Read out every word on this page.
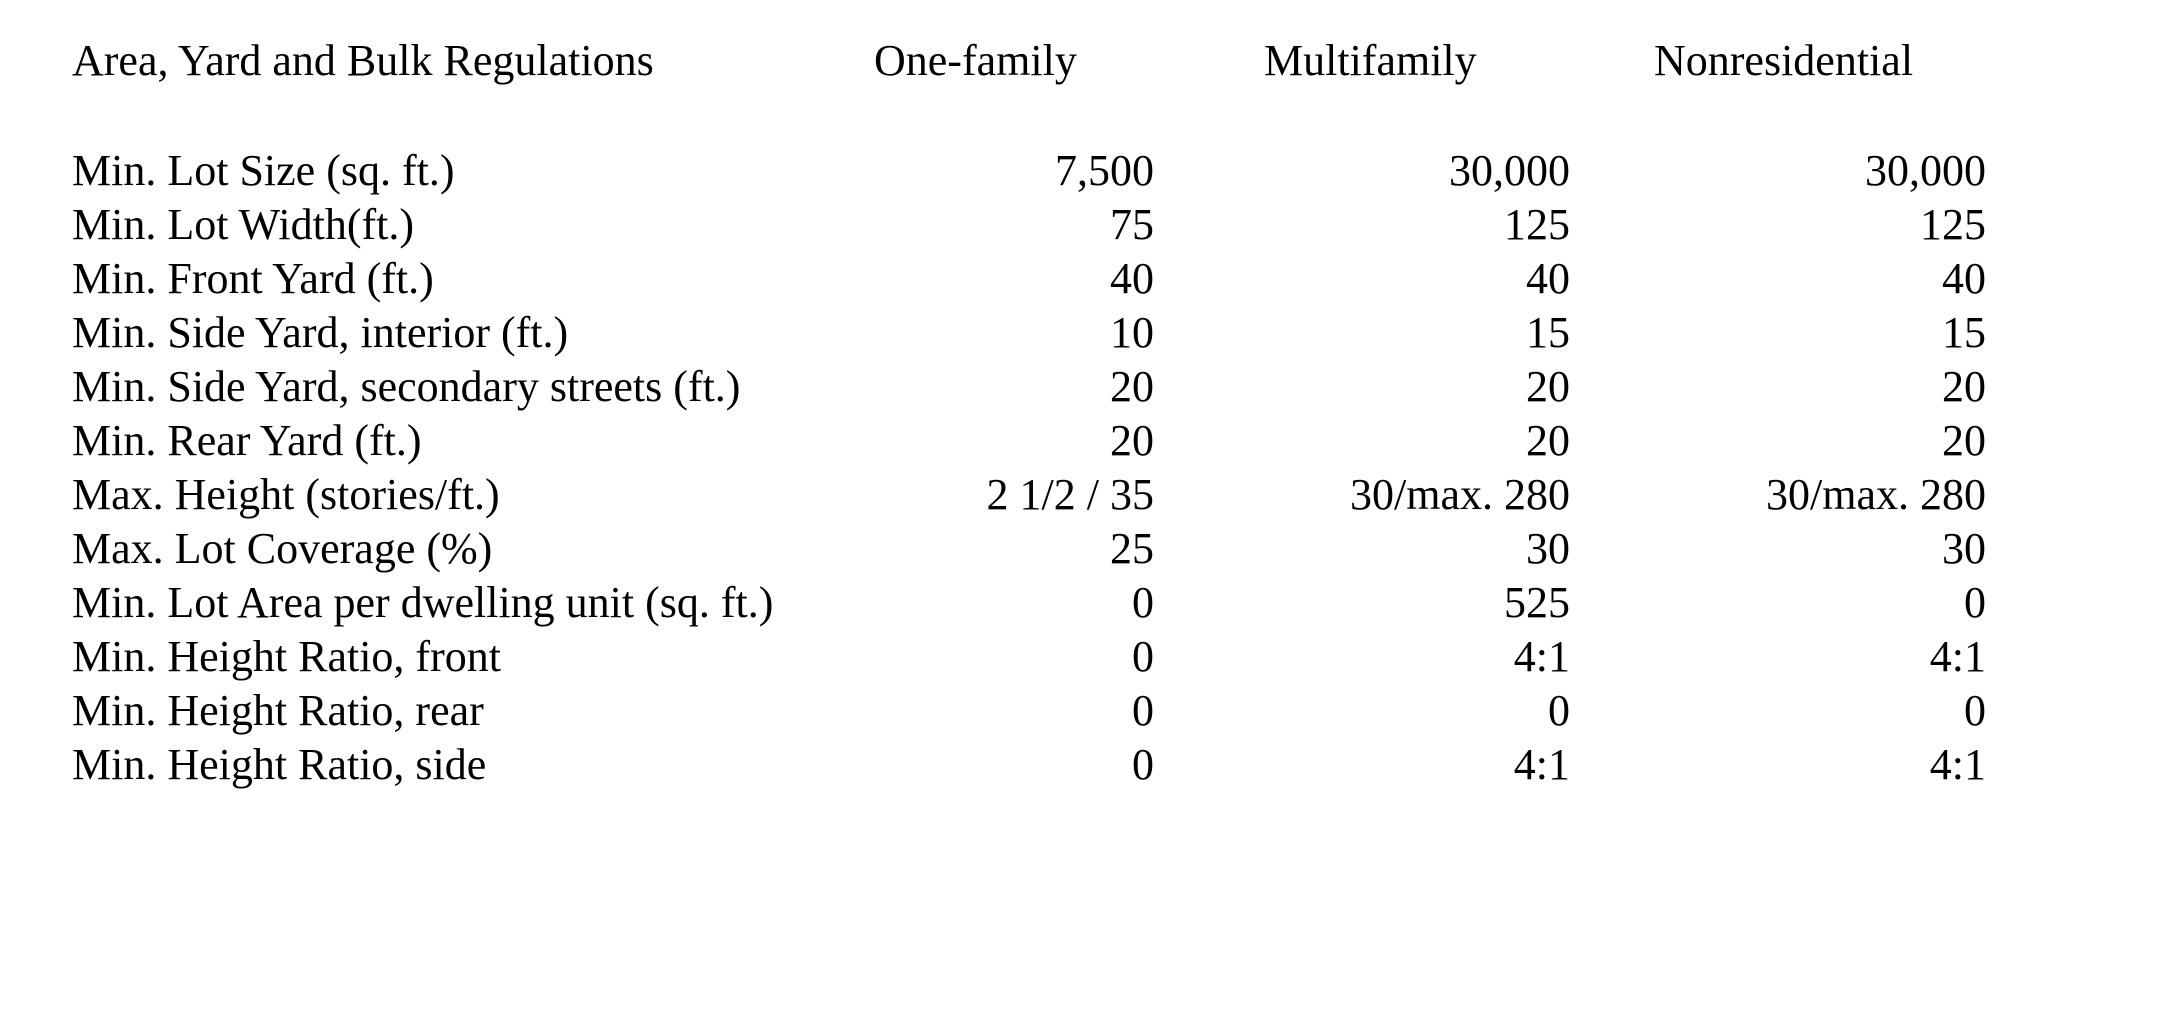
Area, Yard and Bulk Regulations	One-family	Multifamily	Nonresidential

Min. Lot Size (sq. ft.)	7,500	30,000	30,000
Min. Lot Width(ft.)	75	125	125
Min. Front Yard (ft.)	40	40	40
Min. Side Yard, interior (ft.)	10	15	15
Min. Side Yard, secondary streets (ft.)	20	20	20
Min. Rear Yard (ft.)	20	20	20
Max. Height (stories/ft.)	2 1/2 / 35	30/max. 280	30/max. 280
Max. Lot Coverage (%)	25	30	30
Min. Lot Area per dwelling unit (sq. ft.)	0	525	0
Min. Height Ratio, front	0	4:1	4:1
Min. Height Ratio, rear	0	0	0
Min. Height Ratio, side	0	4:1	4:1
